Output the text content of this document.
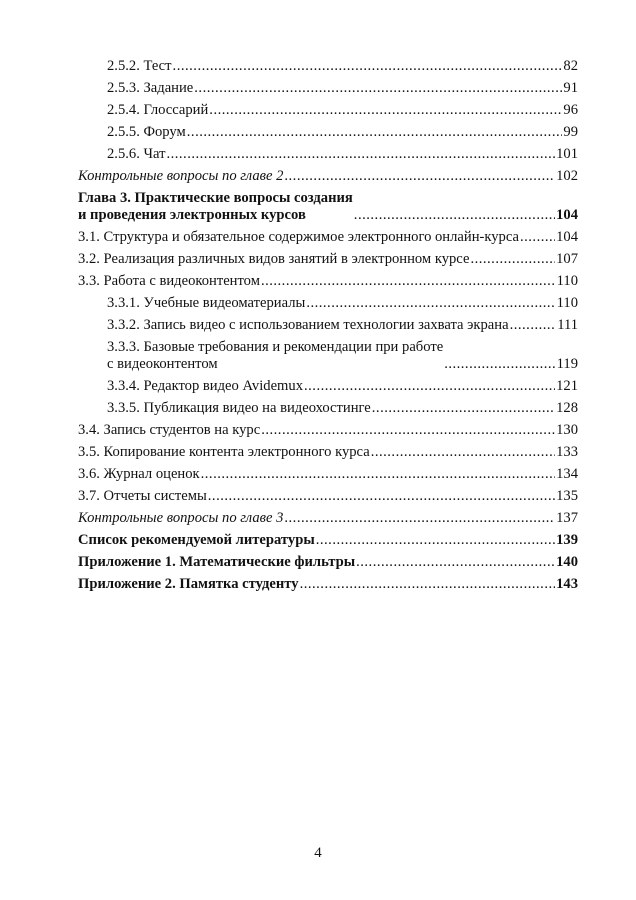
2.5.2. Тест .....	82
2.5.3. Задание .....	91
2.5.4. Глоссарий .....	96
2.5.5. Форум .....	99
2.5.6. Чат .....	101
Контрольные вопросы по главе 2 .....	102
Глава 3. Практические вопросы создания
и проведения электронных курсов .....	104
3.1. Структура и обязательное содержимое электронного онлайн-курса .....	104
3.2. Реализация различных видов занятий в электронном курсе .....	107
3.3. Работа с видеоконтентом .....	110
3.3.1. Учебные видеоматериалы .....	110
3.3.2. Запись видео с использованием технологии захвата экрана .....	111
3.3.3. Базовые требования и рекомендации при работе
с видеоконтентом .....	119
3.3.4. Редактор видео Avidemux .....	121
3.3.5. Публикация видео на видеохостинге .....	128
3.4. Запись студентов на курс .....	130
3.5. Копирование контента электронного курса .....	133
3.6. Журнал оценок .....	134
3.7. Отчеты системы .....	135
Контрольные вопросы по главе 3 .....	137
Список рекомендуемой литературы .....	139
Приложение 1. Математические фильтры .....	140
Приложение 2. Памятка студенту .....	143
4
